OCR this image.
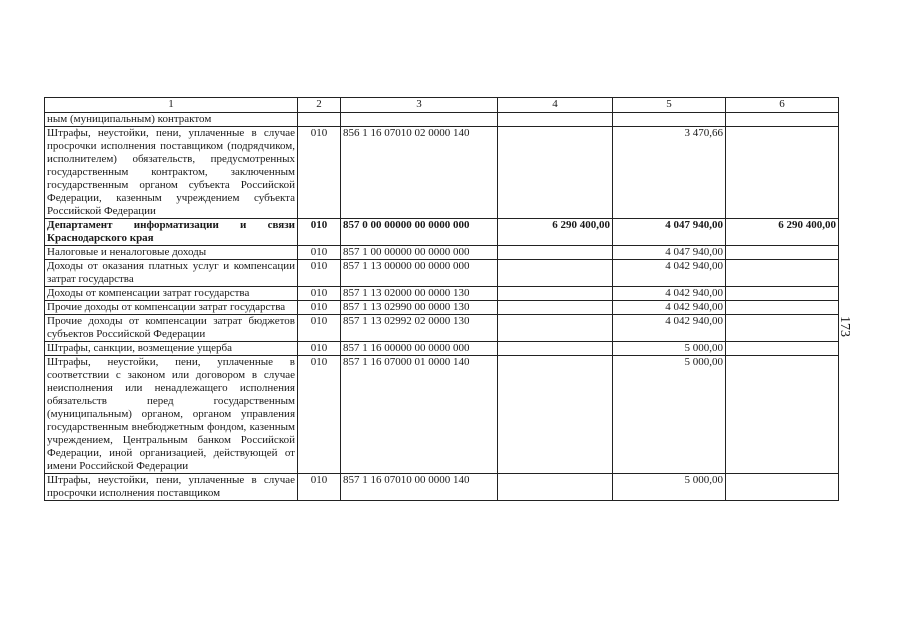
1	2	3	4	5	6
ным (муниципальным) контрактом					
Штрафы, неустойки, пени, уплаченные в случае просрочки исполнения поставщиком (подрядчиком, исполнителем) обязательств, предусмотренных государственным контрактом, заключенным государственным органом субъекта Российской Федерации, казенным учреждением субъекта Российской Федерации	010	856 1 16 07010 02 0000 140		3 470,66	
Департамент информатизации и связи Краснодарского края	010	857 0 00 00000 00 0000 000	6 290 400,00	4 047 940,00	6 290 400,00
Налоговые и неналоговые доходы	010	857 1 00 00000 00 0000 000		4 047 940,00	
Доходы от оказания платных услуг и компенсации затрат государства	010	857 1 13 00000 00 0000 000		4 042 940,00	
Доходы от компенсации затрат государства	010	857 1 13 02000 00 0000 130		4 042 940,00	
Прочие доходы от компенсации затрат государства	010	857 1 13 02990 00 0000 130		4 042 940,00	
Прочие доходы от компенсации затрат бюджетов субъектов Российской Федерации	010	857 1 13 02992 02 0000 130		4 042 940,00	
Штрафы, санкции, возмещение ущерба	010	857 1 16 00000 00 0000 000		5 000,00	
Штрафы, неустойки, пени, уплаченные в соответствии с законом или договором в случае неисполнения или ненадлежащего исполнения обязательств перед государственным (муниципальным) органом, органом управления государственным внебюджетным фондом, казенным учреждением, Центральным банком Российской Федерации, иной организацией, действующей от имени Российской Федерации	010	857 1 16 07000 01 0000 140		5 000,00	
Штрафы, неустойки, пени, уплаченные в случае просрочки исполнения поставщиком	010	857 1 16 07010 00 0000 140		5 000,00	
173
